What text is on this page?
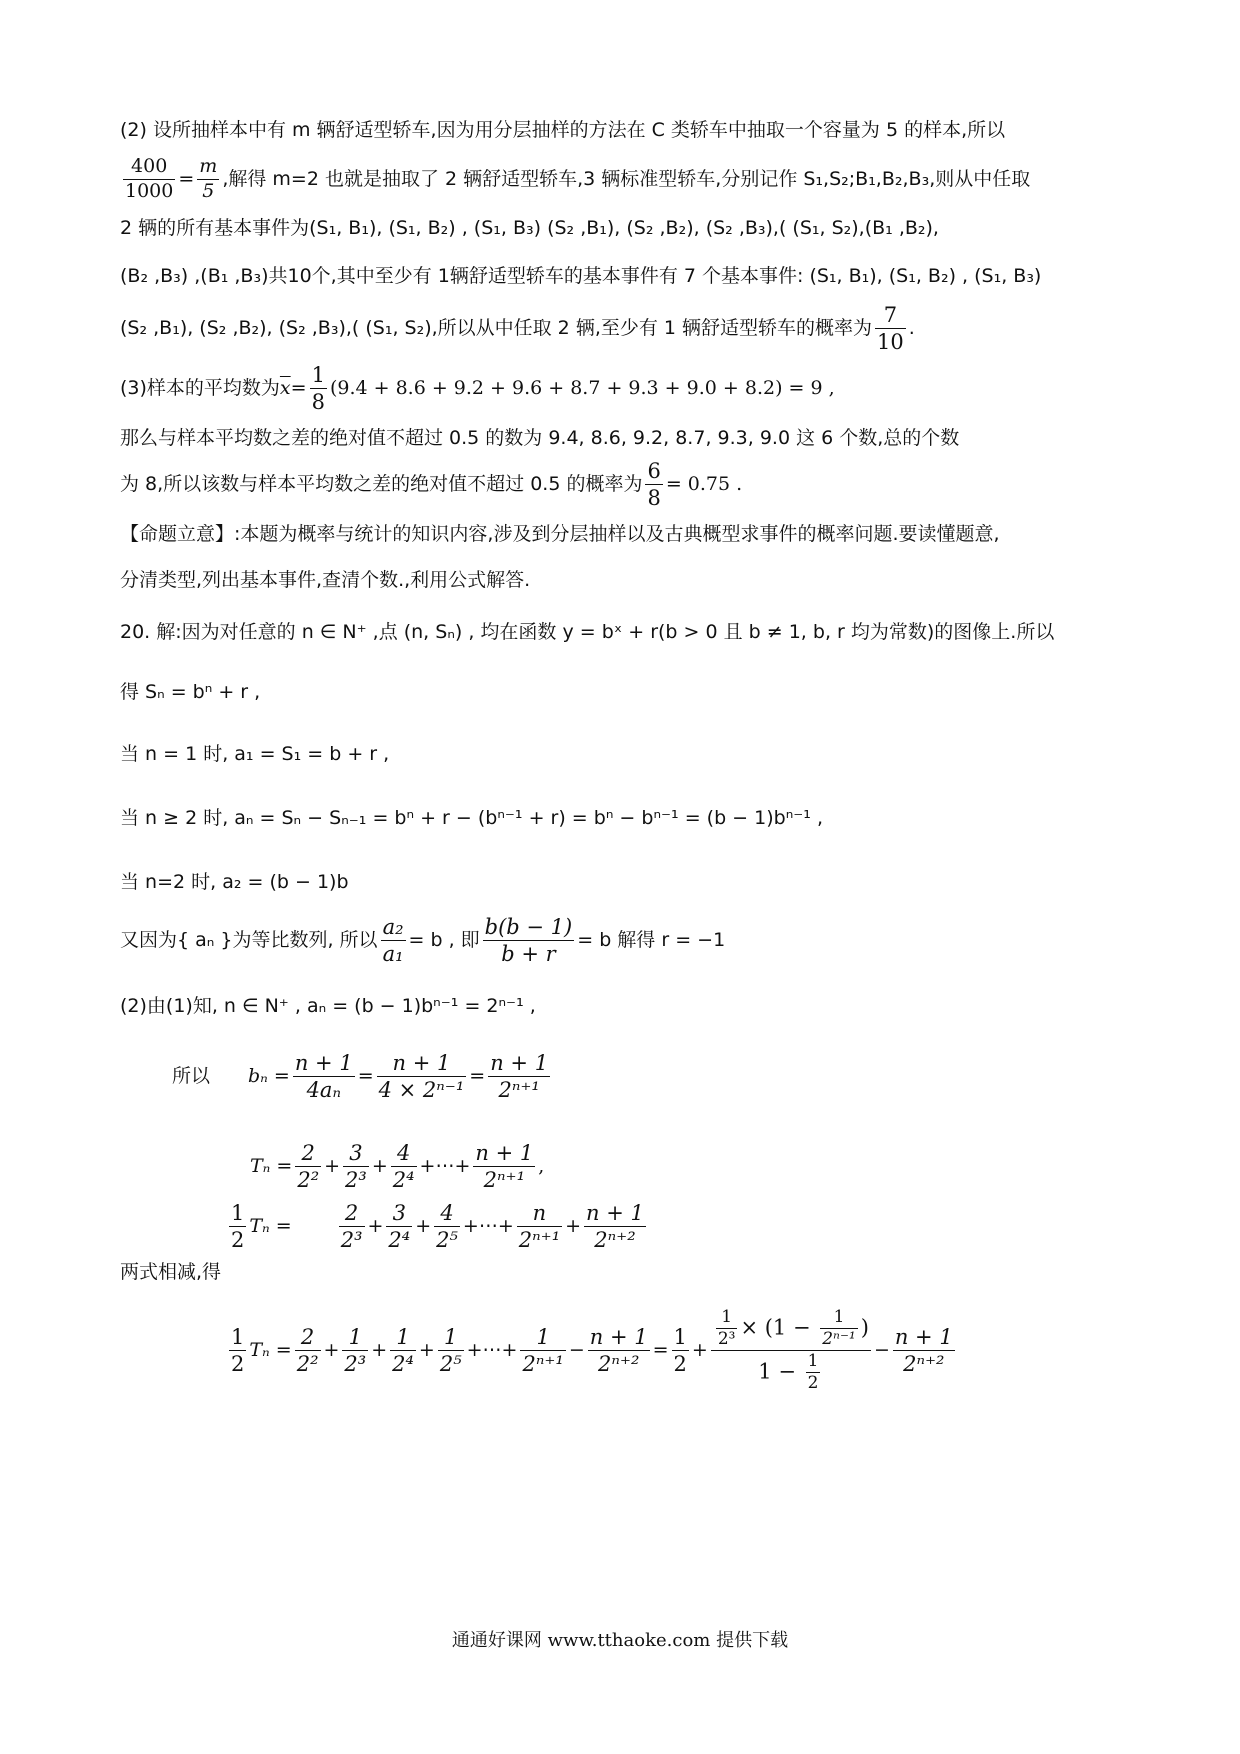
(2) 设所抽样本中有 m 辆舒适型轿车,因为用分层抽样的方法在 C 类轿车中抽取一个容量为 5 的样本,所以
$\frac{400}{1000} = \frac{m}{5}$ ,解得 m=2 也就是抽取了 2 辆舒适型轿车,3 辆标准型轿车,分别记作 S₁,S₂;B₁,B₂,B₃,则从中任取
2 辆的所有基本事件为(S₁, B₁), (S₁, B₂) , (S₁, B₃) (S₂ ,B₁), (S₂ ,B₂), (S₂ ,B₃),( (S₁, S₂),(B₁ ,B₂),
(B₂ ,B₃) ,(B₁ ,B₃)共10个,其中至少有 1辆舒适型轿车的基本事件有 7 个基本事件: (S₁, B₁), (S₁, B₂) , (S₁, B₃)
(S₂ ,B₁), (S₂ ,B₂), (S₂ ,B₃),( (S₁, S₂),所以从中任取 2 辆,至少有 1 辆舒适型轿车的概率为 $\frac{7}{10}$ .
(3)样本的平均数为$\overline{x}= \frac{1}{8} (9.4 + 8.6 + 9.2 + 9.6 + 8.7 + 9.3 + 9.0 + 8.2) = 9$ ,
那么与样本平均数之差的绝对值不超过 0.5 的数为 9.4, 8.6, 9.2, 8.7, 9.3, 9.0 这 6 个数,总的个数
为 8,所以该数与样本平均数之差的绝对值不超过 0.5 的概率为 $\frac{6}{8} = 0.75$ .
【命题立意】:本题为概率与统计的知识内容,涉及到分层抽样以及古典概型求事件的概率问题.要读懂题意,
分清类型,列出基本事件,查清个数.,利用公式解答.
20. 解:因为对任意的 n ∈ N⁺ ,点 (n, Sₙ) , 均在函数 y = bˣ + r(b > 0 且 b ≠ 1, b, r 均为常数)的图像上.所以
得 Sₙ = bⁿ + r ,
当 n = 1 时, a₁ = S₁ = b + r ,
当 n ≥ 2 时, aₙ = Sₙ − Sₙ₋₁ = bⁿ + r − (bⁿ⁻¹ + r) = bⁿ − bⁿ⁻¹ = (b − 1)bⁿ⁻¹ ,
当 n=2 时, a₂ = (b − 1)b
又因为{ aₙ }为等比数列, 所以 $\frac{\text{a₂}}{\text{a₁}} = b$ , 即 $\frac{b(b - 1)}{b + r} = b$ 解得 r = −1
(2)由(1)知, n ∈ N⁺ , aₙ = (b − 1)bⁿ⁻¹ = 2ⁿ⁻¹ ,
所以 $b_n = \frac{n + 1}{\text{4aₙ}} = \frac{n + 1}{\text{4 × 2ⁿ⁻¹}} = \frac{n + 1}{\text{2ⁿ⁺¹}}$
$T_n = \frac{2}{\text{2²}} + \frac{3}{\text{2³}} + \frac{4}{\text{2⁴}}$ +⋯+ $\frac{n + 1}{\text{2ⁿ⁺¹}}$ ,
$\frac{1}{2}$ $T_n = \frac{2}{\text{2³}} + \frac{3}{\text{2⁴}} + \frac{4}{\text{2⁵}}$ +⋯+ $\frac{n}{\text{2ⁿ⁺¹}} + \frac{n + 1}{\text{2ⁿ⁺²}}$
两式相减,得
$\frac{1}{2}$ $T_n = \frac{2}{\text{2²}} + \frac{1}{\text{2³}} + \frac{1}{\text{2⁴}} + \frac{1}{\text{2⁵}}$ +⋯+ $\frac{1}{\text{2ⁿ⁺¹}} - \frac{n + 1}{\text{2ⁿ⁺²}} = \frac{1}{2} + \frac{\frac{1}{\text{2³}} \times (1 - \frac{1}{\text{2ⁿ⁻¹}} )}{1 - \frac{1}{2}} - \frac{n + 1}{\text{2ⁿ⁺²}}$
通通好课网 www.tthaoke.com 提供下载
